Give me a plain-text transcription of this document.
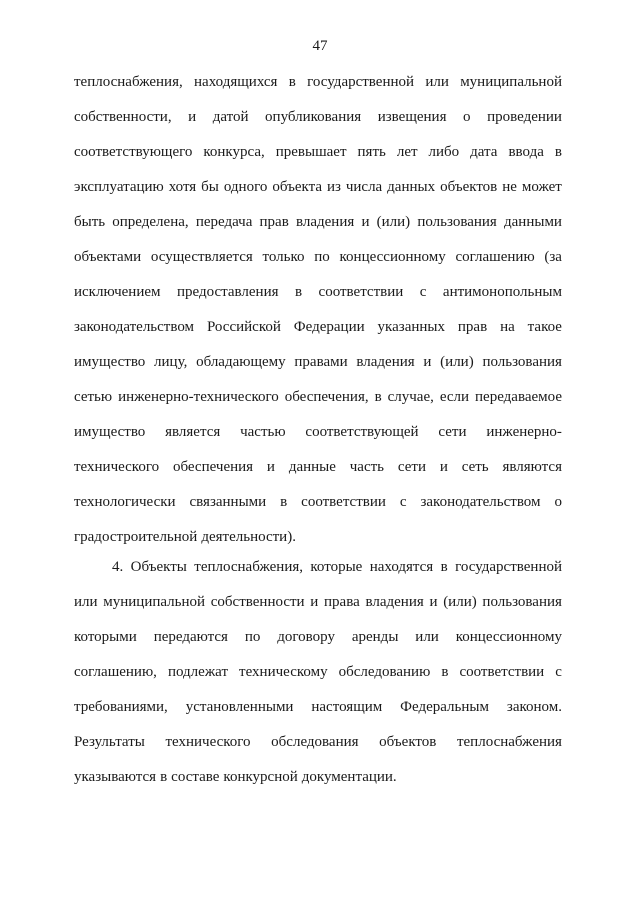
47
теплоснабжения, находящихся в государственной или муниципальной
собственности, и датой опубликования извещения о проведении
соответствующего конкурса, превышает пять лет либо дата ввода в
эксплуатацию хотя бы одного объекта из числа данных объектов не может
быть определена, передача прав владения и (или) пользования данными
объектами осуществляется только по концессионному соглашению (за
исключением предоставления в соответствии с антимонопольным
законодательством Российской Федерации указанных прав на такое
имущество лицу, обладающему правами владения и (или) пользования
сетью инженерно-технического обеспечения, в случае, если передаваемое
имущество является частью соответствующей сети инженерно-
технического обеспечения и данные часть сети и сеть являются
технологически связанными в соответствии с законодательством о
градостроительной деятельности).
4. Объекты теплоснабжения, которые находятся в государственной
или муниципальной собственности и права владения и (или) пользования
которыми передаются по договору аренды или концессионному
соглашению, подлежат техническому обследованию в соответствии с
требованиями, установленными настоящим Федеральным законом.
Результаты технического обследования объектов теплоснабжения
указываются в составе конкурсной документации.
